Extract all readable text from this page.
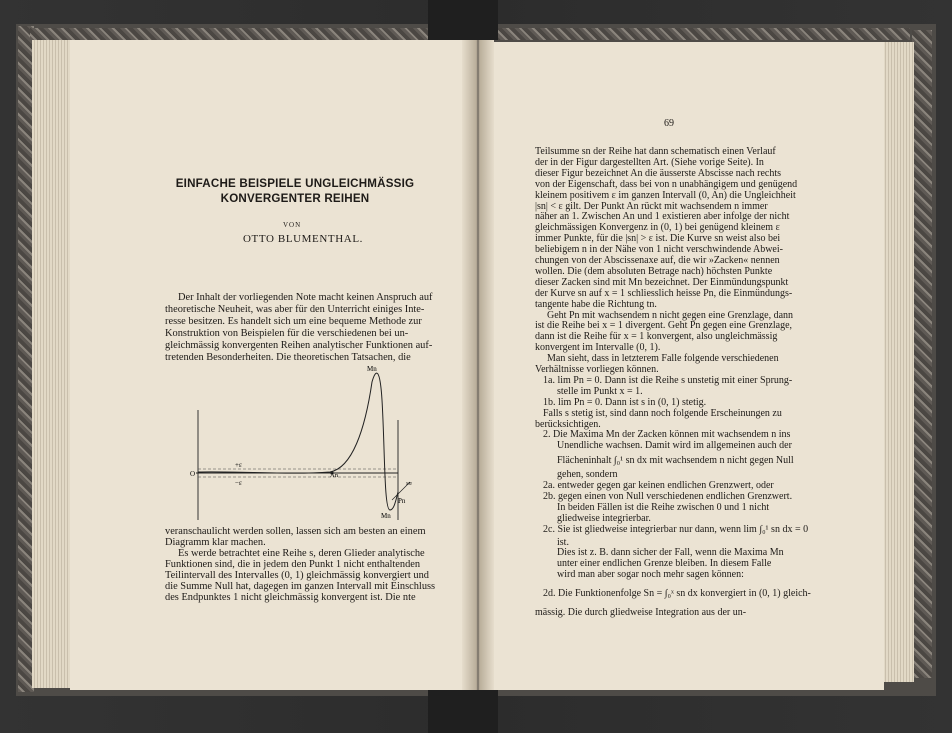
EINFACHE BEISPIELE UNGLEICHMÄSSIG
KONVERGENTER REIHEN
VON
OTTO BLUMENTHAL.
Der Inhalt der vorliegenden Note macht keinen Anspruch auf
theoretische Neuheit, was aber für den Unterricht einiges Inte-
resse besitzen. Es handelt sich um eine bequeme Methode zur
Konstruktion von Beispielen für die verschiedenen bei un-
gleichmässig konvergenten Reihen analytischer Funktionen auf-
tretenden Besonderheiten. Die theoretischen Tatsachen, die
O
+ε
−ε
An
Mn
Mn
Pn
sn
veranschaulicht werden sollen, lassen sich am besten an einem
Diagramm klar machen.
Es werde betrachtet eine Reihe s, deren Glieder analytische
Funktionen sind, die in jedem den Punkt 1 nicht enthaltenden
Teilintervall des Intervalles (0, 1) gleichmässig konvergiert und
die Summe Null hat, dagegen im ganzen Intervall mit Einschluss
des Endpunktes 1 nicht gleichmässig konvergent ist. Die nte
69
Teilsumme sn der Reihe hat dann schematisch einen Verlauf
der in der Figur dargestellten Art. (Siehe vorige Seite). In
dieser Figur bezeichnet An die äusserste Abscisse nach rechts
von der Eigenschaft, dass bei von n unabhängigem und genügend
kleinem positivem ε im ganzen Intervall (0, An) die Ungleichheit
|sn| < ε gilt. Der Punkt An rückt mit wachsendem n immer
näher an 1. Zwischen An und 1 existieren aber infolge der nicht
gleichmässigen Konvergenz in (0, 1) bei genügend kleinem ε
immer Punkte, für die |sn| > ε ist. Die Kurve sn weist also bei
beliebigem n in der Nähe von 1 nicht verschwindende Abwei-
chungen von der Abscissenaxe auf, die wir »Zacken« nennen
wollen. Die (dem absoluten Betrage nach) höchsten Punkte
dieser Zacken sind mit Mn bezeichnet. Der Einmündungspunkt
der Kurve sn auf x = 1 schliesslich heisse Pn, die Einmündungs-
tangente habe die Richtung tn.
Geht Pn mit wachsendem n nicht gegen eine Grenzlage, dann
ist die Reihe bei x = 1 divergent. Geht Pn gegen eine Grenzlage,
dann ist die Reihe für x = 1 konvergent, also ungleichmässig
konvergent im Intervalle (0, 1).
Man sieht, dass in letzterem Falle folgende verschiedenen
Verhältnisse vorliegen können.
1a. lim Pn = 0. Dann ist die Reihe s unstetig mit einer Sprung-
stelle im Punkt x = 1.
1b. lim Pn = 0. Dann ist s in (0, 1) stetig.
Falls s stetig ist, sind dann noch folgende Erscheinungen zu
berücksichtigen.
2. Die Maxima Mn der Zacken können mit wachsendem n ins
Unendliche wachsen. Damit wird im allgemeinen auch der
Flächeninhalt ∫₀¹ sn dx mit wachsendem n nicht gegen Null
gehen, sondern
2a. entweder gegen gar keinen endlichen Grenzwert, oder
2b. gegen einen von Null verschiedenen endlichen Grenzwert.
In beiden Fällen ist die Reihe zwischen 0 und 1 nicht
gliedweise integrierbar.
2c. Sie ist gliedweise integrierbar nur dann, wenn lim ∫₀¹ sn dx = 0
ist.
Dies ist z. B. dann sicher der Fall, wenn die Maxima Mn
unter einer endlichen Grenze bleiben. In diesem Falle
wird man aber sogar noch mehr sagen können:
2d. Die Funktionenfolge Sn = ∫₀ˣ sn dx konvergiert in (0, 1) gleich-
mässig. Die durch gliedweise Integration aus der un-
